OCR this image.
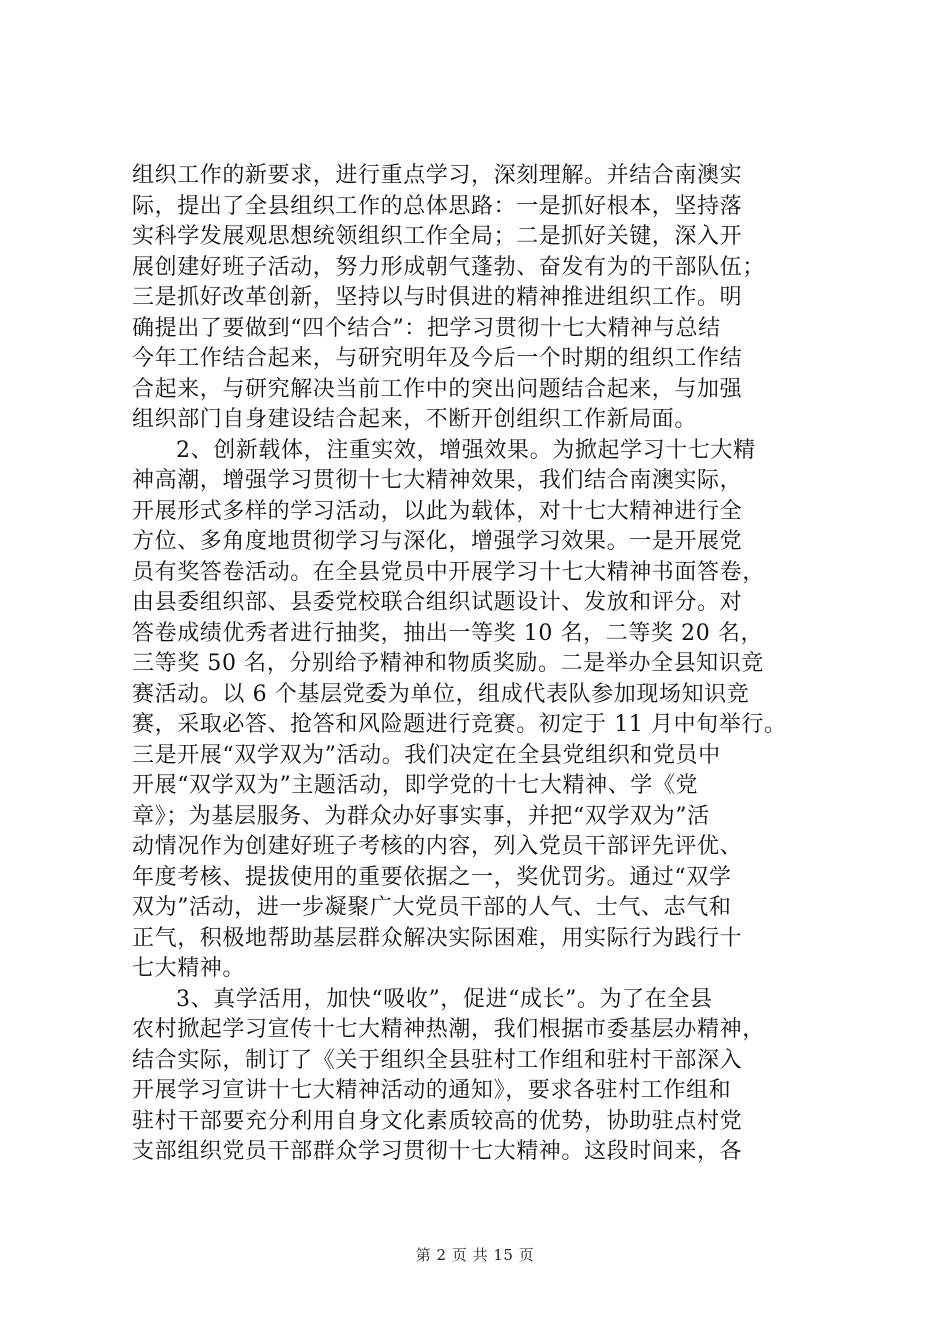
组织工作的新要求，进行重点学习，深刻理解。并结合南澳实
际，提出了全县组织工作的总体思路：一是抓好根本，坚持落
实科学发展观思想统领组织工作全局；二是抓好关键，深入开
展创建好班子活动，努力形成朝气蓬勃、奋发有为的干部队伍；
三是抓好改革创新，坚持以与时俱进的精神推进组织工作。明
确提出了要做到“四个结合”：把学习贯彻十七大精神与总结
今年工作结合起来，与研究明年及今后一个时期的组织工作结
合起来，与研究解决当前工作中的突出问题结合起来，与加强
组织部门自身建设结合起来，不断开创组织工作新局面。
2、创新载体，注重实效，增强效果。为掀起学习十七大精
神高潮，增强学习贯彻十七大精神效果，我们结合南澳实际，
开展形式多样的学习活动，以此为载体，对十七大精神进行全
方位、多角度地贯彻学习与深化，增强学习效果。一是开展党
员有奖答卷活动。在全县党员中开展学习十七大精神书面答卷，
由县委组织部、县委党校联合组织试题设计、发放和评分。对
答卷成绩优秀者进行抽奖，抽出一等奖 10 名，二等奖 20 名，
三等奖 50 名，分别给予精神和物质奖励。二是举办全县知识竞
赛活动。以 6 个基层党委为单位，组成代表队参加现场知识竞
赛，采取必答、抢答和风险题进行竞赛。初定于 11 月中旬举行。
三是开展“双学双为”活动。我们决定在全县党组织和党员中
开展“双学双为”主题活动，即学党的十七大精神、学《党
章》；为基层服务、为群众办好事实事，并把“双学双为”活
动情况作为创建好班子考核的内容，列入党员干部评先评优、
年度考核、提拔使用的重要依据之一，奖优罚劣。通过“双学
双为”活动，进一步凝聚广大党员干部的人气、士气、志气和
正气，积极地帮助基层群众解决实际困难，用实际行为践行十
七大精神。
3、真学活用，加快“吸收”，促进“成长”。为了在全县
农村掀起学习宣传十七大精神热潮，我们根据市委基层办精神，
结合实际，制订了《关于组织全县驻村工作组和驻村干部深入
开展学习宣讲十七大精神活动的通知》，要求各驻村工作组和
驻村干部要充分利用自身文化素质较高的优势，协助驻点村党
支部组织党员干部群众学习贯彻十七大精神。这段时间来，各
第 2 页 共 15 页
